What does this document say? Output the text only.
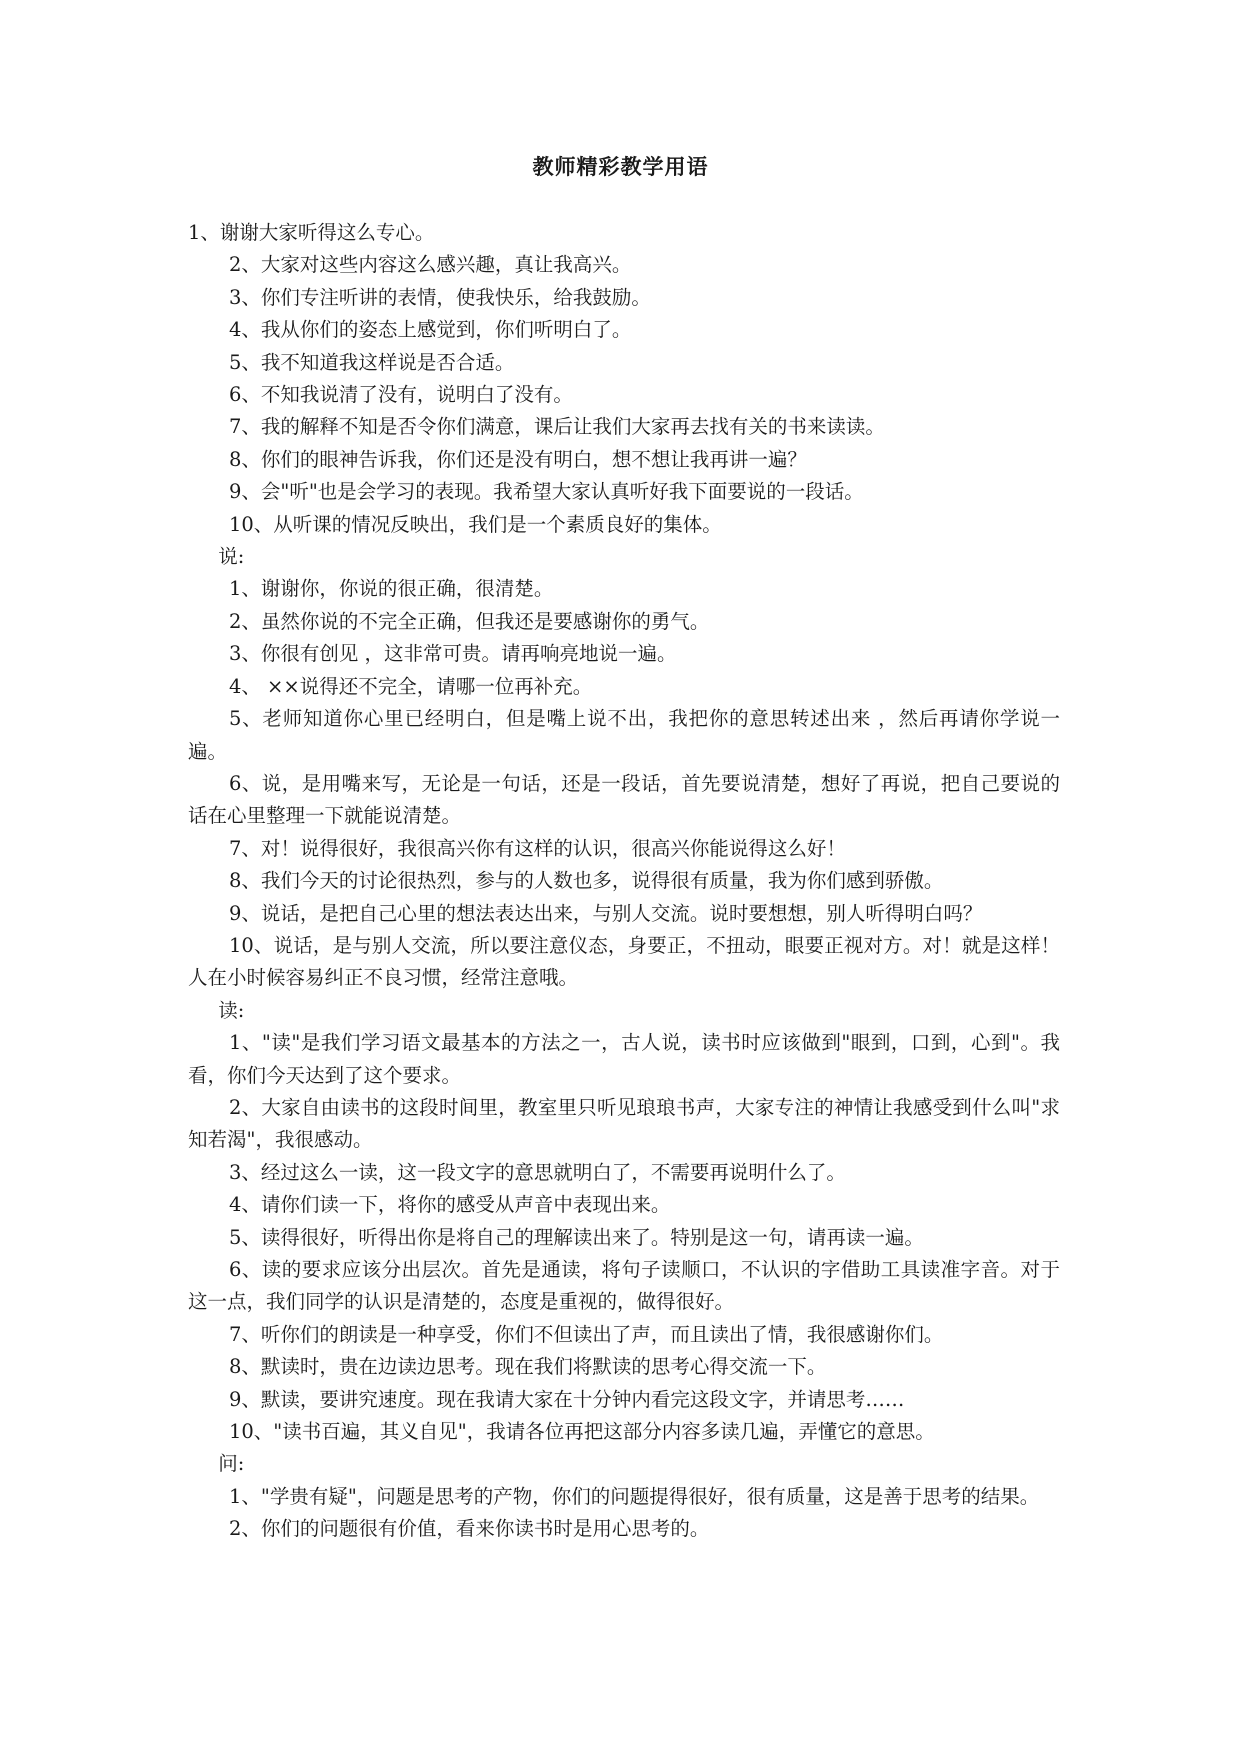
教师精彩教学用语

1、谢谢大家听得这么专心。

2、大家对这些内容这么感兴趣，真让我高兴。

3、你们专注听讲的表情，使我快乐，给我鼓励。

4、我从你们的姿态上感觉到，你们听明白了。

5、我不知道我这样说是否合适。

6、不知我说清了没有，说明白了没有。

7、我的解释不知是否令你们满意，课后让我们大家再去找有关的书来读读。

8、你们的眼神告诉我，你们还是没有明白，想不想让我再讲一遍？

9、会"听"也是会学习的表现。我希望大家认真听好我下面要说的一段话。

10、从听课的情况反映出，我们是一个素质良好的集体。

说:

1、谢谢你，你说的很正确，很清楚。

2、虽然你说的不完全正确，但我还是要感谢你的勇气。

3、你很有创见 ，这非常可贵。请再响亮地说一遍。

4、 ××说得还不完全，请哪一位再补充。

5、老师知道你心里已经明白，但是嘴上说不出，我把你的意思转述出来 ，然后再请你学说一遍。

6、说，是用嘴来写，无论是一句话，还是一段话，首先要说清楚，想好了再说，把自己要说的话在心里整理一下就能说清楚。

7、对！说得很好，我很高兴你有这样的认识，很高兴你能说得这么好！

8、我们今天的讨论很热烈，参与的人数也多，说得很有质量，我为你们感到骄傲。

9、说话，是把自己心里的想法表达出来，与别人交流。说时要想想，别人听得明白吗？

10、说话，是与别人交流，所以要注意仪态，身要正，不扭动，眼要正视对方。对！就是这样！人在小时候容易纠正不良习惯，经常注意哦。

读:

1、"读"是我们学习语文最基本的方法之一，古人说，读书时应该做到"眼到，口到，心到"。我看，你们今天达到了这个要求。

2、大家自由读书的这段时间里，教室里只听见琅琅书声，大家专注的神情让我感受到什么叫"求知若渴"，我很感动。

3、经过这么一读，这一段文字的意思就明白了，不需要再说明什么了。

4、请你们读一下，将你的感受从声音中表现出来。

5、读得很好，听得出你是将自己的理解读出来了。特别是这一句，请再读一遍。

6、读的要求应该分出层次。首先是通读，将句子读顺口，不认识的字借助工具读准字音。对于这一点，我们同学的认识是清楚的，态度是重视的，做得很好。

7、听你们的朗读是一种享受，你们不但读出了声，而且读出了情，我很感谢你们。

8、默读时，贵在边读边思考。现在我们将默读的思考心得交流一下。

9、默读，要讲究速度。现在我请大家在十分钟内看完这段文字，并请思考……

10、"读书百遍，其义自见"，我请各位再把这部分内容多读几遍，弄懂它的意思。

问:

1、"学贵有疑"，问题是思考的产物，你们的问题提得很好，很有质量，这是善于思考的结果。

2、你们的问题很有价值，看来你读书时是用心思考的。
